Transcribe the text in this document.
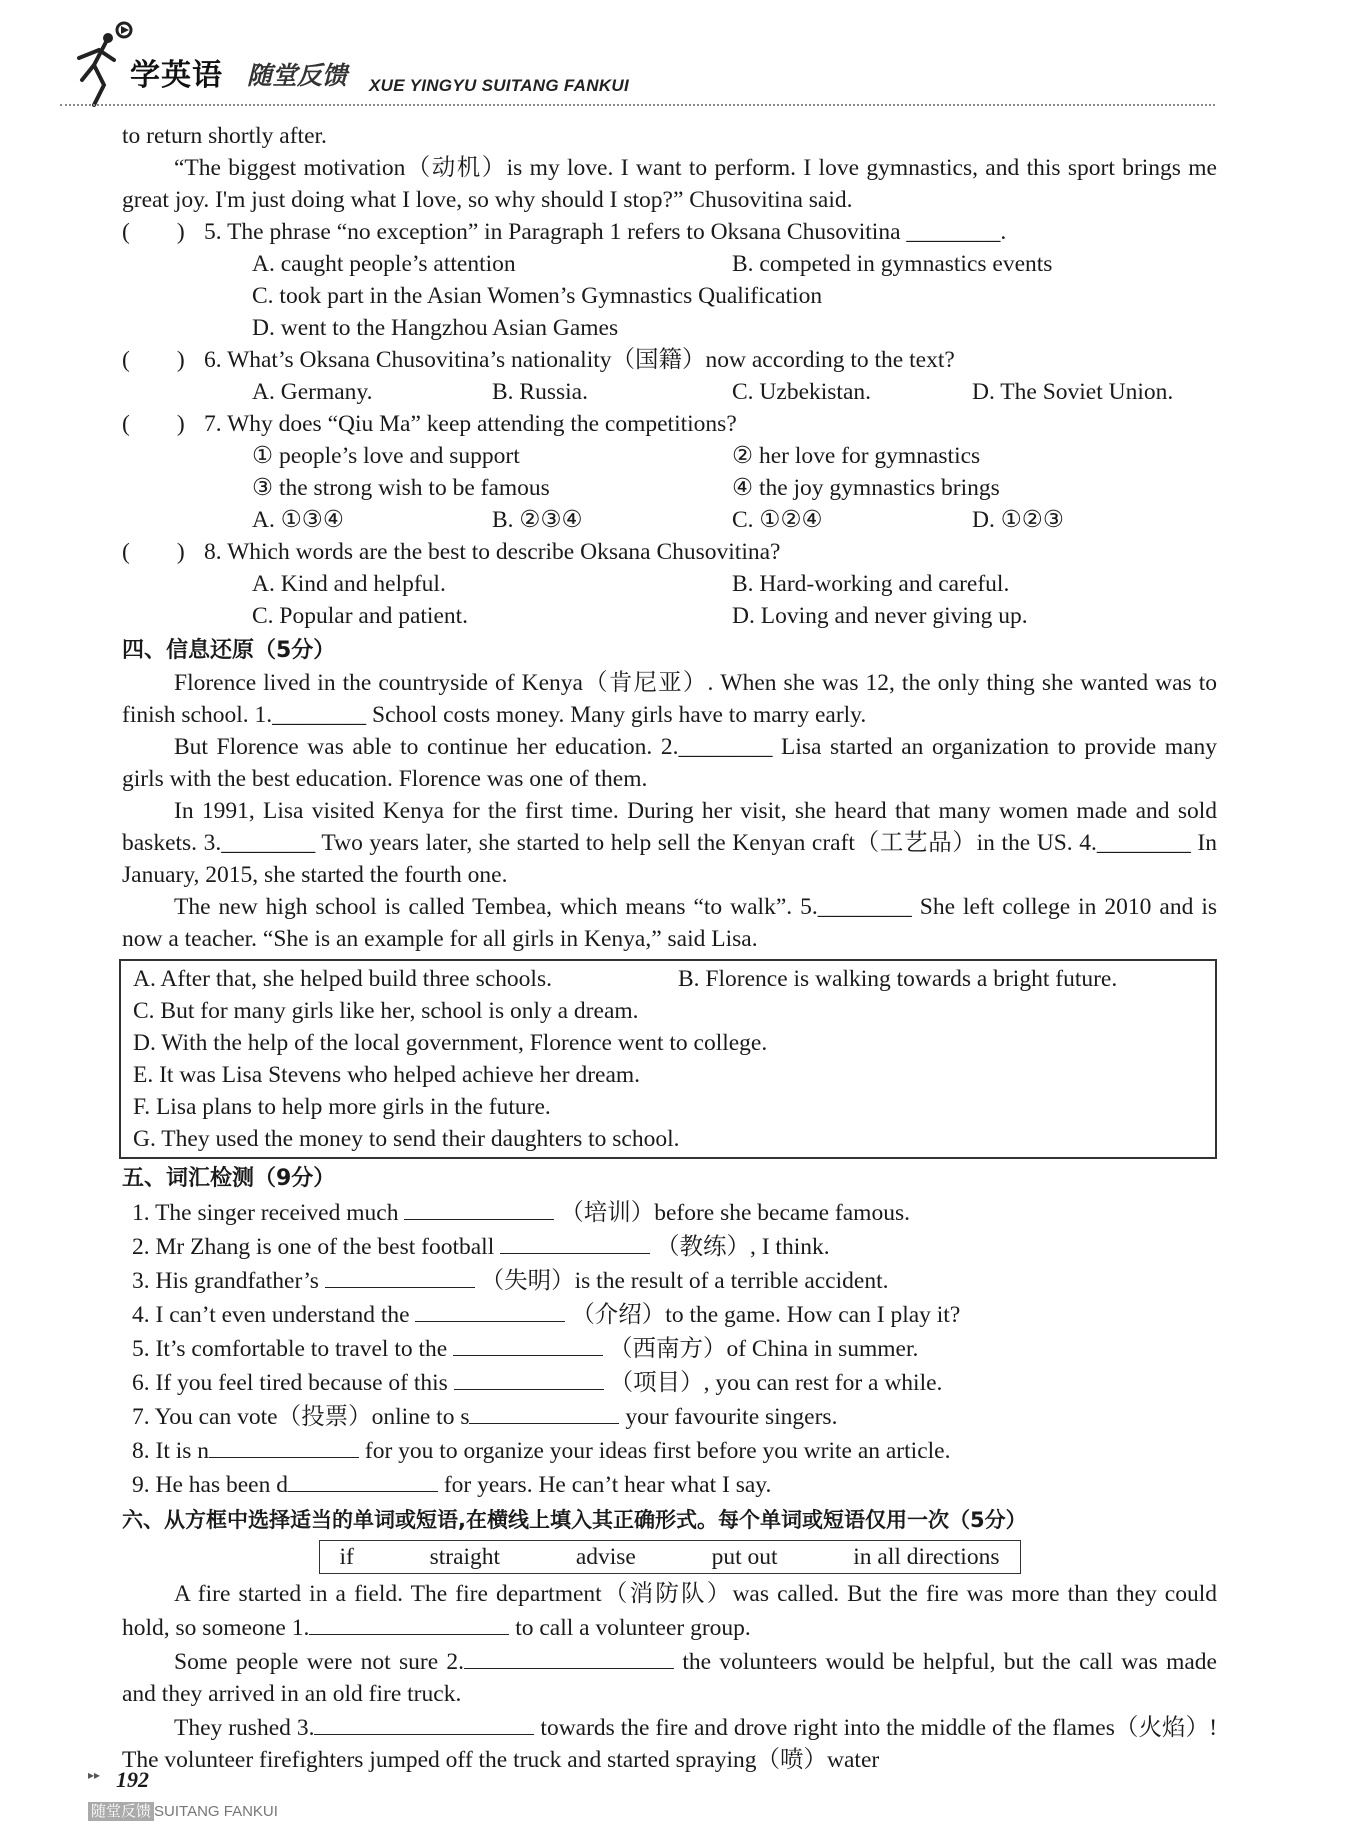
学英语 随堂反馈 XUE YINGYU SUITANG FANKUI

to return shortly after.

“The biggest motivation（动机）is my love. I want to perform. I love gymnastics, and this sport brings me great joy. I'm just doing what I love, so why should I stop?” Chusovitina said.

(　　) 5. The phrase “no exception” in Paragraph 1 refers to Oksana Chusovitina ________.
A. caught people’s attention	B. competed in gymnastics events
C. took part in the Asian Women’s Gymnastics Qualification
D. went to the Hangzhou Asian Games
(　　) 6. What’s Oksana Chusovitina’s nationality（国籍）now according to the text?
A. Germany.	B. Russia.	C. Uzbekistan.	D. The Soviet Union.
(　　) 7. Why does “Qiu Ma” keep attending the competitions?
① people’s love and support	② her love for gymnastics
③ the strong wish to be famous	④ the joy gymnastics brings
A. ①③④	B. ②③④	C. ①②④	D. ①②③
(　　) 8. Which words are the best to describe Oksana Chusovitina?
A. Kind and helpful.	B. Hard-working and careful.
C. Popular and patient.	D. Loving and never giving up.

四、信息还原（5分）

Florence lived in the countryside of Kenya（肯尼亚）. When she was 12, the only thing she wanted was to finish school. 1.________ School costs money. Many girls have to marry early.

But Florence was able to continue her education. 2.________ Lisa started an organization to provide many girls with the best education. Florence was one of them.

In 1991, Lisa visited Kenya for the first time. During her visit, she heard that many women made and sold baskets. 3.________ Two years later, she started to help sell the Kenyan craft（工艺品）in the US. 4.________ In January, 2015, she started the fourth one.

The new high school is called Tembea, which means “to walk”. 5.________ She left college in 2010 and is now a teacher. “She is an example for all girls in Kenya,” said Lisa.

A. After that, she helped build three schools.	B. Florence is walking towards a bright future.
C. But for many girls like her, school is only a dream.
D. With the help of the local government, Florence went to college.
E. It was Lisa Stevens who helped achieve her dream.
F. Lisa plans to help more girls in the future.
G. They used the money to send their daughters to school.

五、词汇检测（9分）

1. The singer received much	（培训）before she became famous.
2. Mr Zhang is one of the best football	（教练）, I think.
3. His grandfather’s	（失明）is the result of a terrible accident.
4. I can’t even understand the	（介绍）to the game. How can I play it?
5. It’s comfortable to travel to the	（西南方）of China in summer.
6. If you feel tired because of this	（项目）, you can rest for a while.
7. You can vote（投票）online to s	your favourite singers.
8. It is n	for you to organize your ideas first before you write an article.
9. He has been d	for years. He can’t hear what I say.

六、从方框中选择适当的单词或短语,在横线上填入其正确形式。每个单词或短语仅用一次（5分）

if	straight	advise	put out	in all directions

A fire started in a field. The fire department（消防队）was called. But the fire was more than they could hold, so someone 1.	to call a volunteer group.

Some people were not sure 2.	the volunteers would be helpful, but the call was made and they arrived in an old fire truck.

They rushed 3.	towards the fire and drove right into the middle of the flames（火焰）! The volunteer firefighters jumped off the truck and started spraying（喷）water

▸▸ 192
随堂反馈 SUITANG FANKUI
